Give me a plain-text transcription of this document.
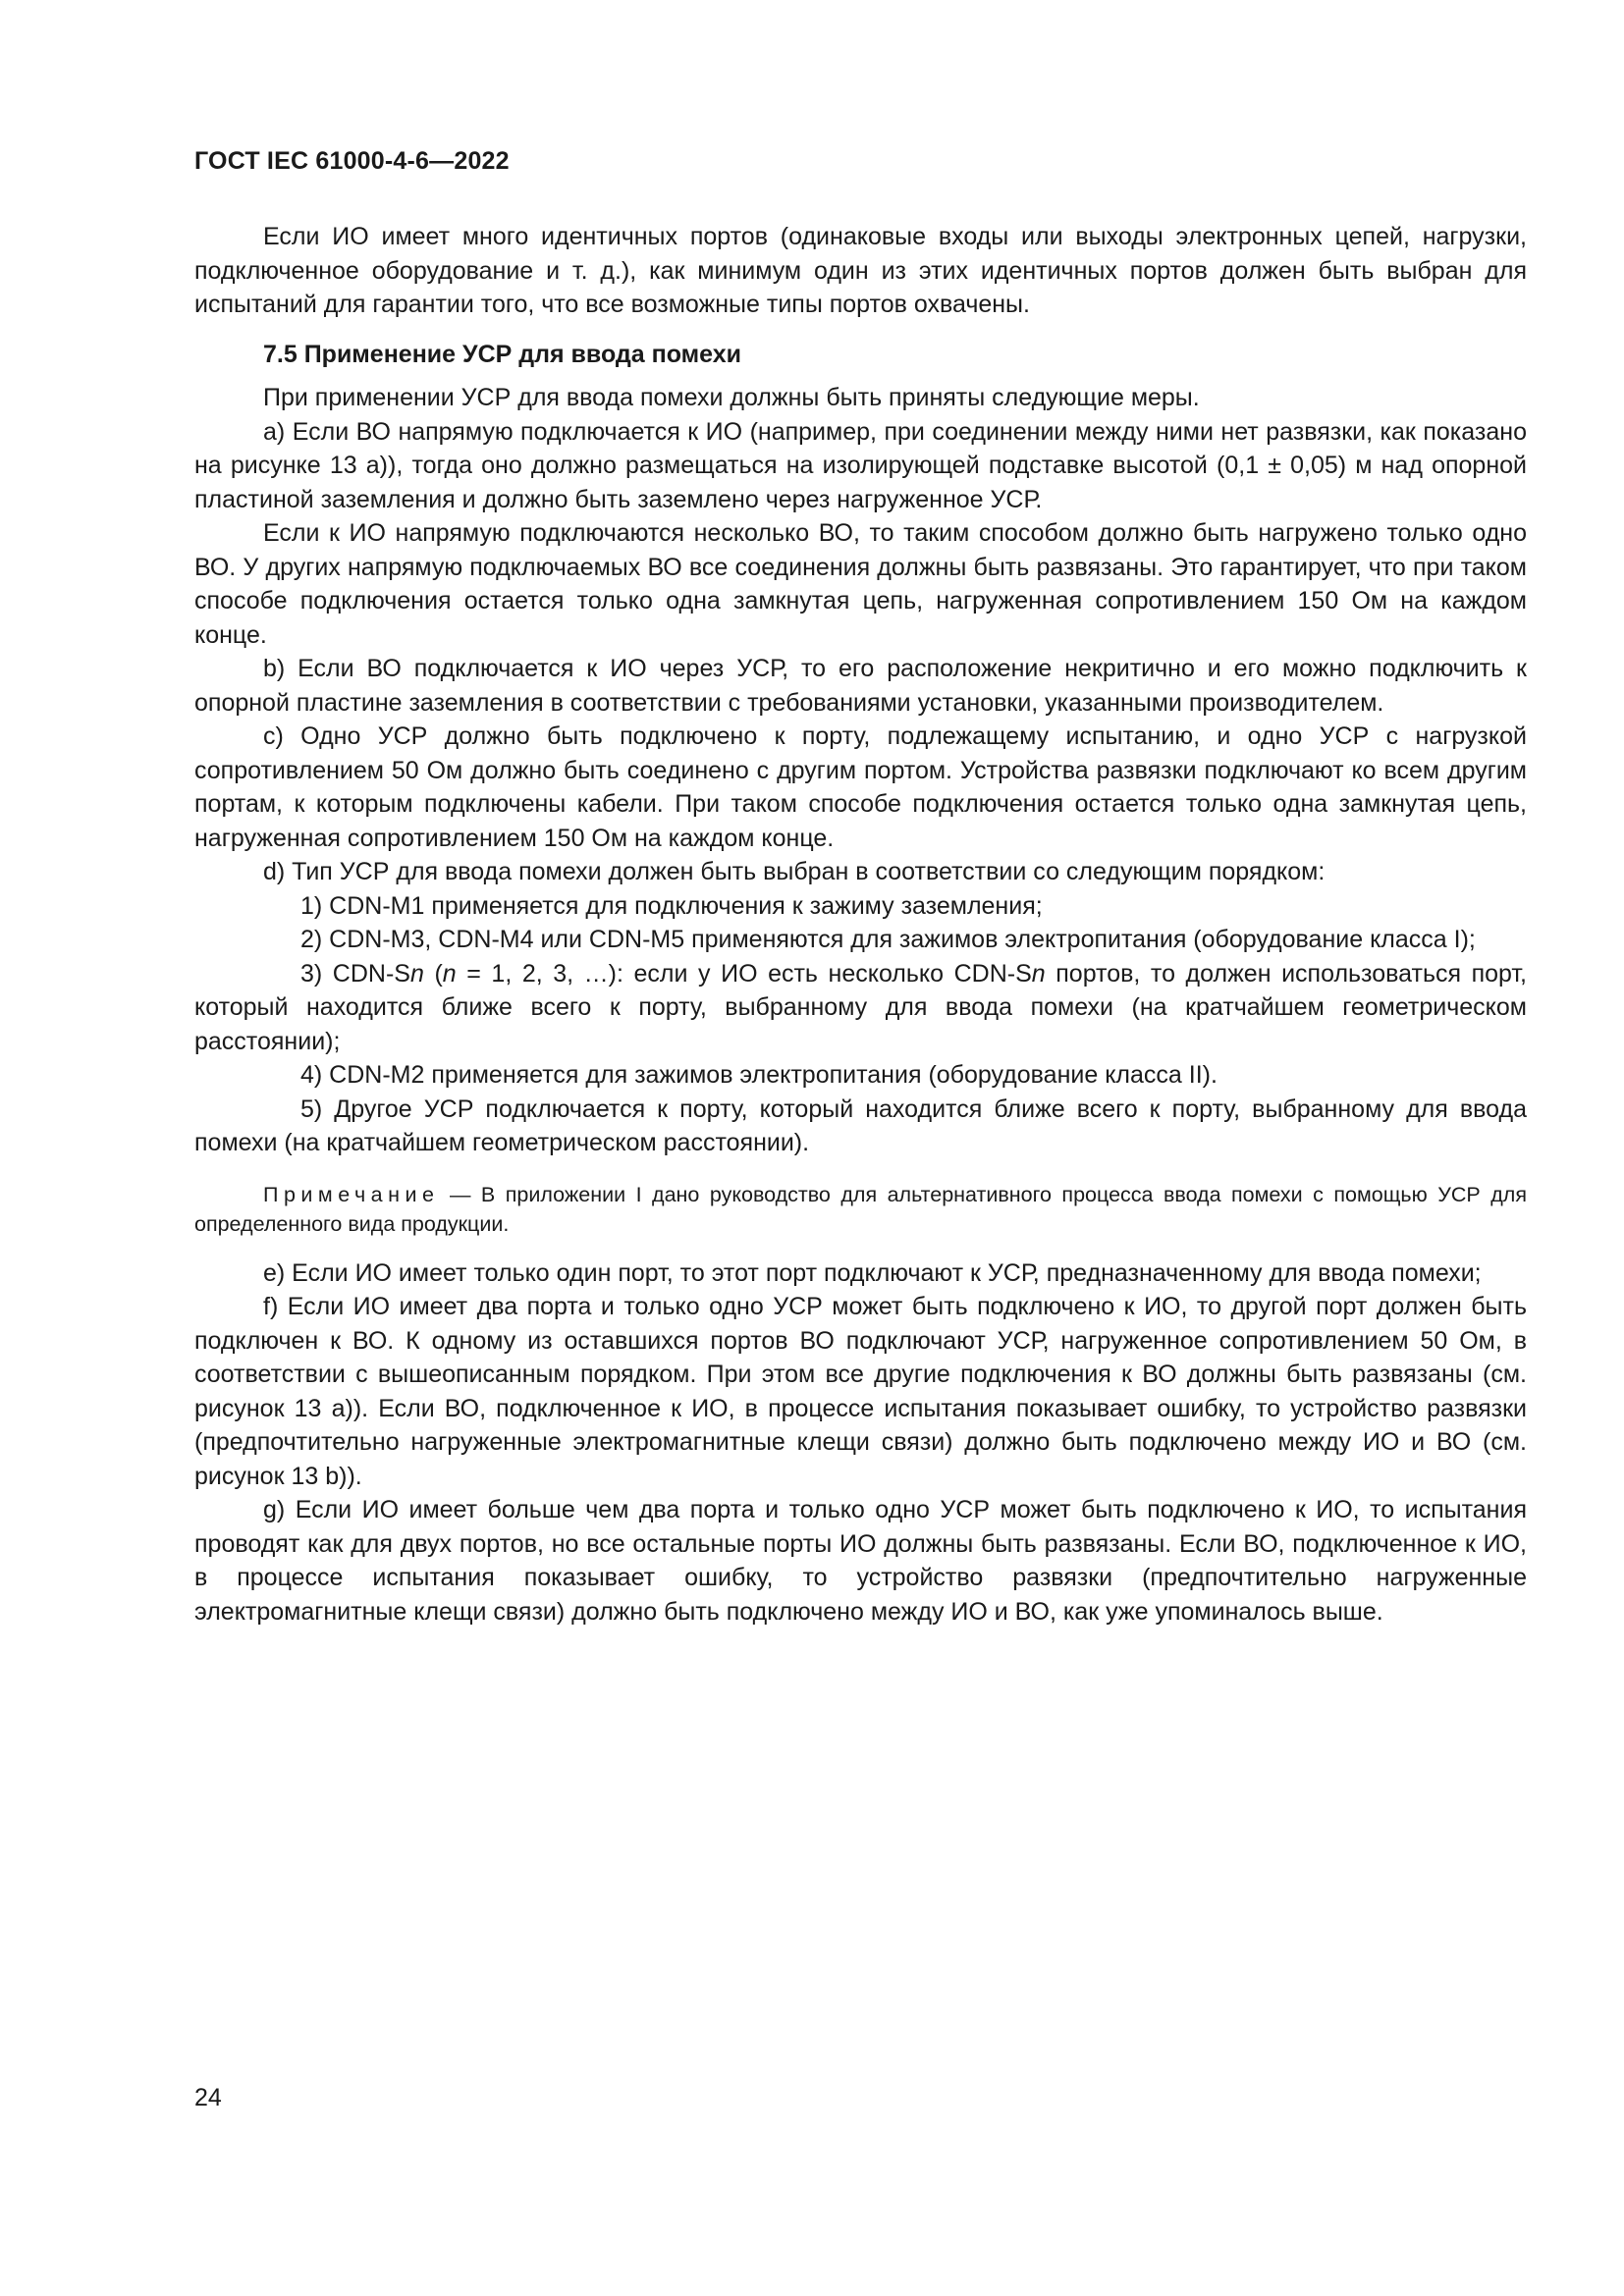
ГОСТ IEC 61000-4-6—2022

Если ИО имеет много идентичных портов (одинаковые входы или выходы электронных цепей, нагрузки, подключенное оборудование и т. д.), как минимум один из этих идентичных портов должен быть выбран для испытаний для гарантии того, что все возможные типы портов охвачены.

7.5 Применение УСР для ввода помехи

При применении УСР для ввода помехи должны быть приняты следующие меры.

а) Если ВО напрямую подключается к ИО (например, при соединении между ними нет развязки, как показано на рисунке 13 а)), тогда оно должно размещаться на изолирующей подставке высотой (0,1 ± 0,05) м над опорной пластиной заземления и должно быть заземлено через нагруженное УСР.

Если к ИО напрямую подключаются несколько ВО, то таким способом должно быть нагружено только одно ВО. У других напрямую подключаемых ВО все соединения должны быть развязаны. Это гарантирует, что при таком способе подключения остается только одна замкнутая цепь, нагруженная сопротивлением 150 Ом на каждом конце.

b) Если ВО подключается к ИО через УСР, то его расположение некритично и его можно подключить к опорной пластине заземления в соответствии с требованиями установки, указанными производителем.

с) Одно УСР должно быть подключено к порту, подлежащему испытанию, и одно УСР с нагрузкой сопротивлением 50 Ом должно быть соединено с другим портом. Устройства развязки подключают ко всем другим портам, к которым подключены кабели. При таком способе подключения остается только одна замкнутая цепь, нагруженная сопротивлением 150 Ом на каждом конце.

d) Тип УСР для ввода помехи должен быть выбран в соответствии со следующим порядком:

1) CDN-M1 применяется для подключения к зажиму заземления;

2) CDN-M3, CDN-M4 или CDN-M5 применяются для зажимов электропитания (оборудование класса I);

3) CDN-Sn (n = 1, 2, 3, …): если у ИО есть несколько CDN-Sn портов, то должен использоваться порт, который находится ближе всего к порту, выбранному для ввода помехи (на кратчайшем геометрическом расстоянии);

4) CDN-M2 применяется для зажимов электропитания (оборудование класса II).

5) Другое УСР подключается к порту, который находится ближе всего к порту, выбранному для ввода помехи (на кратчайшем геометрическом расстоянии).

Примечание — В приложении I дано руководство для альтернативного процесса ввода помехи с помощью УСР для определенного вида продукции.

е) Если ИО имеет только один порт, то этот порт подключают к УСР, предназначенному для ввода помехи;

f) Если ИО имеет два порта и только одно УСР может быть подключено к ИО, то другой порт должен быть подключен к ВО. К одному из оставшихся портов ВО подключают УСР, нагруженное сопротивлением 50 Ом, в соответствии с вышеописанным порядком. При этом все другие подключения к ВО должны быть развязаны (см. рисунок 13 а)). Если ВО, подключенное к ИО, в процессе испытания показывает ошибку, то устройство развязки (предпочтительно нагруженные электромагнитные клещи связи) должно быть подключено между ИО и ВО (см. рисунок 13 b)).

g) Если ИО имеет больше чем два порта и только одно УСР может быть подключено к ИО, то испытания проводят как для двух портов, но все остальные порты ИО должны быть развязаны. Если ВО, подключенное к ИО, в процессе испытания показывает ошибку, то устройство развязки (предпочтительно нагруженные электромагнитные клещи связи) должно быть подключено между ИО и ВО, как уже упоминалось выше.

24
